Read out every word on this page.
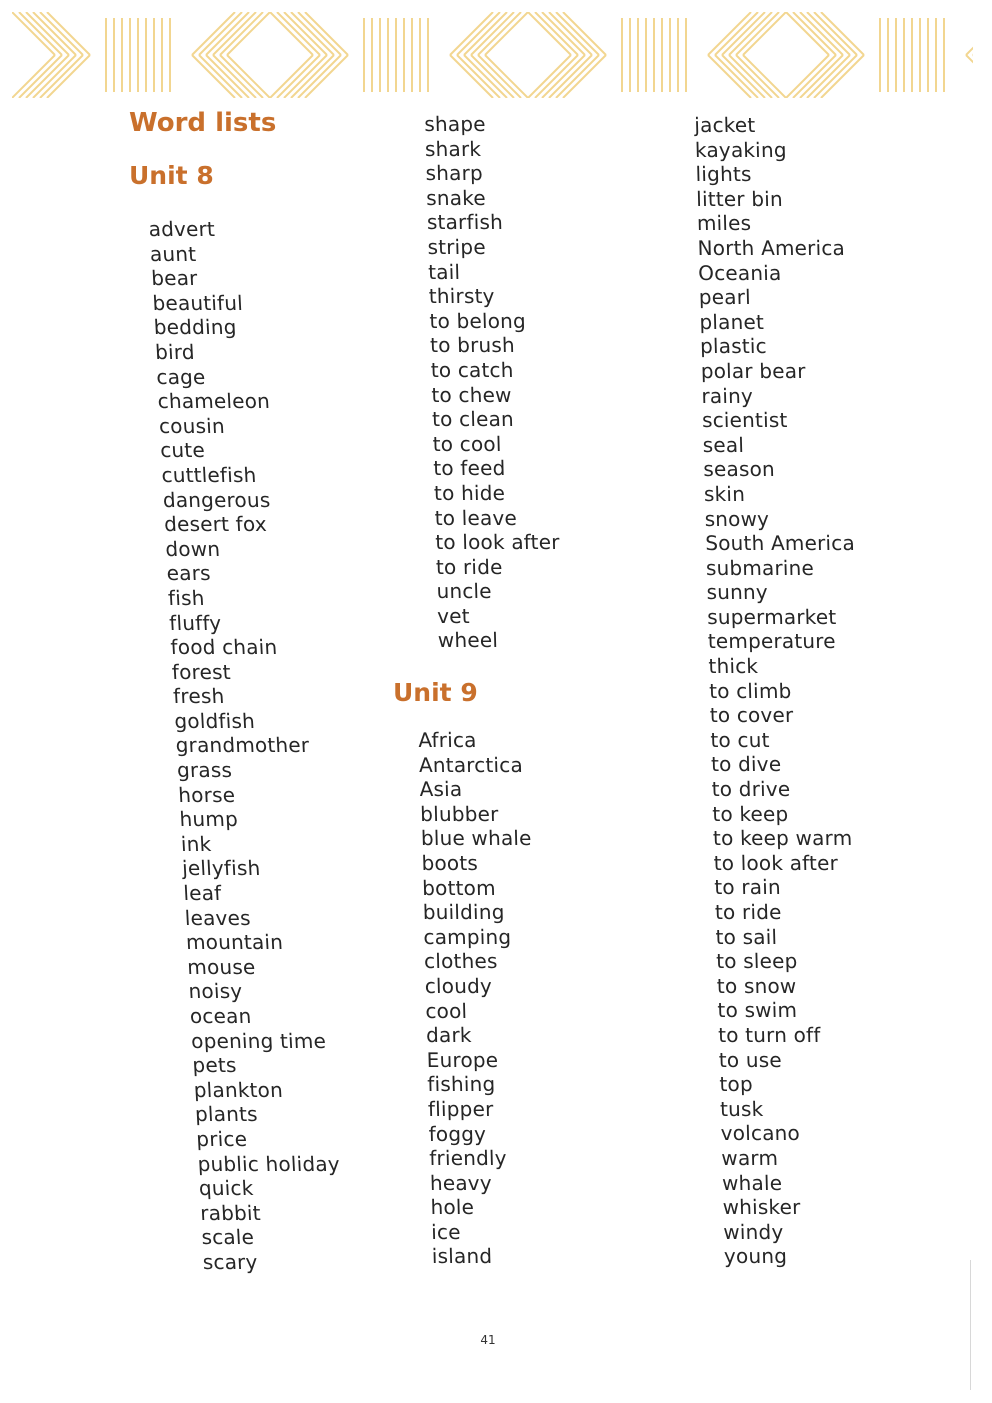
Word lists
Unit 8
advert
aunt
bear
beautiful
bedding
bird
cage
chameleon
cousin
cute
cuttlefish
dangerous
desert fox
down
ears
fish
fluffy
food chain
forest
fresh
goldfish
grandmother
grass
horse
hump
ink
jellyfish
leaf
leaves
mountain
mouse
noisy
ocean
opening time
pets
plankton
plants
price
public holiday
quick
rabbit
scale
scary
shape
shark
sharp
snake
starfish
stripe
tail
thirsty
to belong
to brush
to catch
to chew
to clean
to cool
to feed
to hide
to leave
to look after
to ride
uncle
vet
wheel
Unit 9
Africa
Antarctica
Asia
blubber
blue whale
boots
bottom
building
camping
clothes
cloudy
cool
dark
Europe
fishing
flipper
foggy
friendly
heavy
hole
ice
island
jacket
kayaking
lights
litter bin
miles
North America
Oceania
pearl
planet
plastic
polar bear
rainy
scientist
seal
season
skin
snowy
South America
submarine
sunny
supermarket
temperature
thick
to climb
to cover
to cut
to dive
to drive
to keep
to keep warm
to look after
to rain
to ride
to sail
to sleep
to snow
to swim
to turn off
to use
top
tusk
volcano
warm
whale
whisker
windy
young
41
